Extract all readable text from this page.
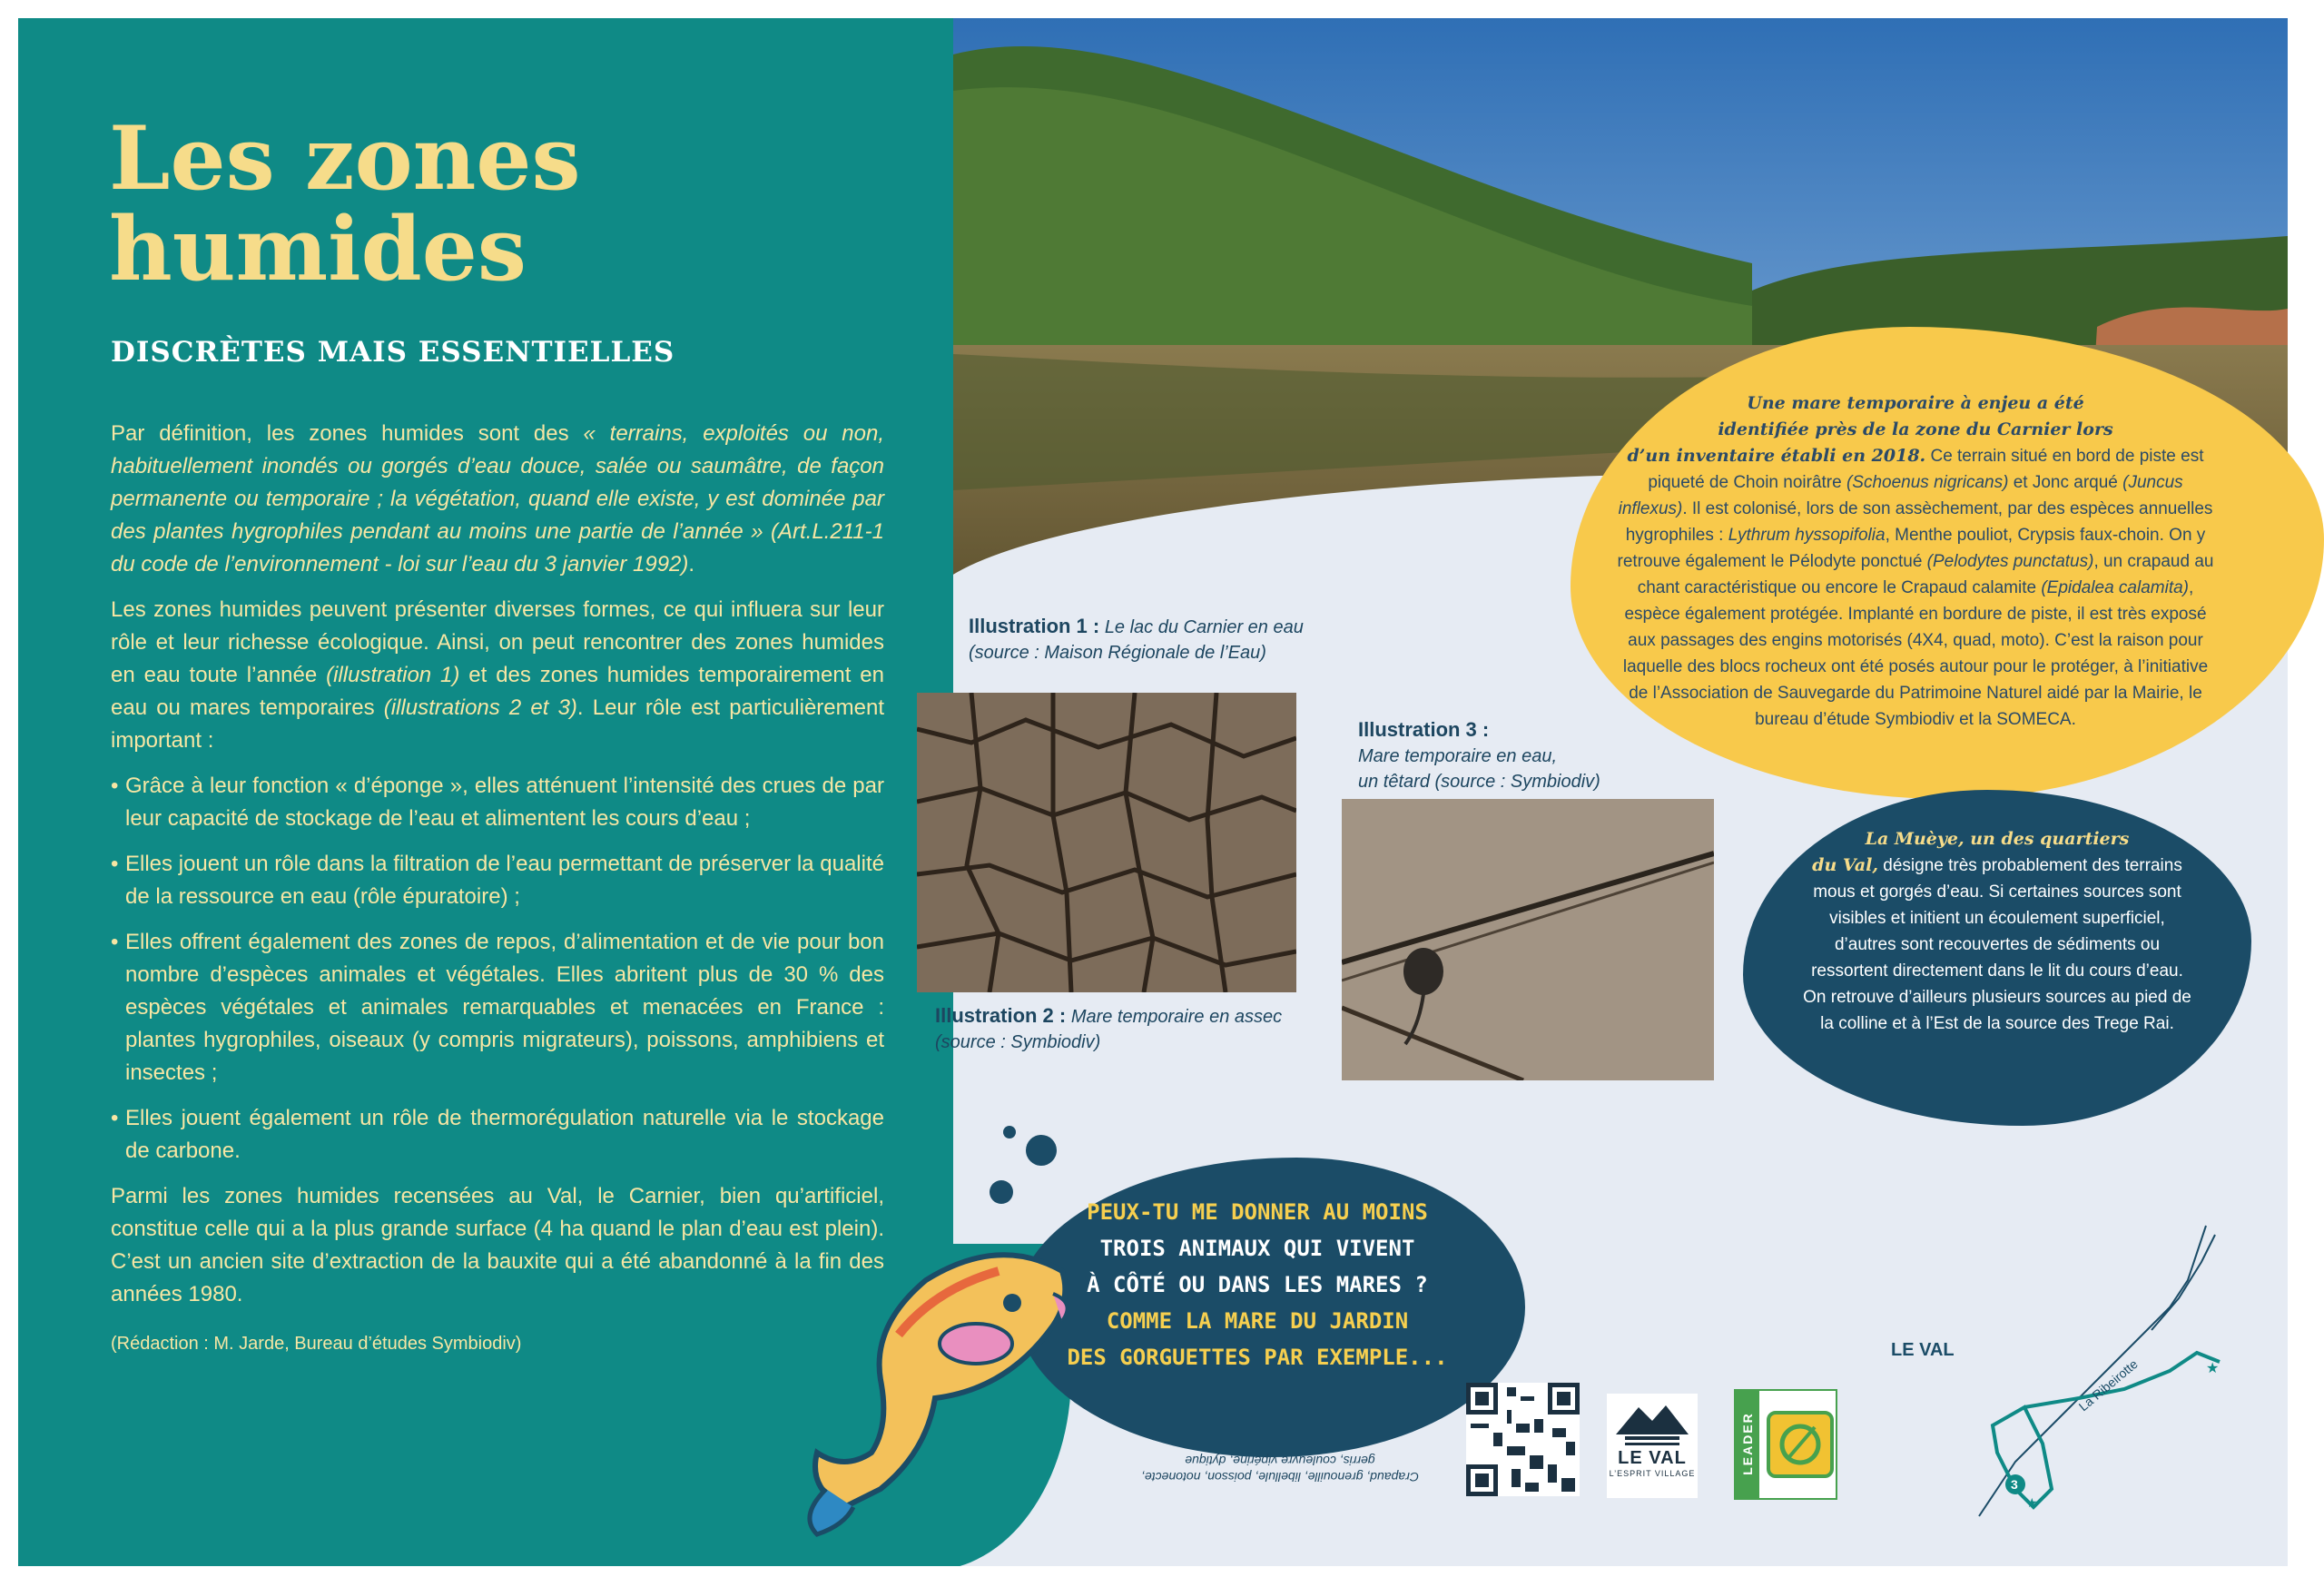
Les zones
humides
DISCRÈTES MAIS ESSENTIELLES

Par définition, les zones humides sont des « terrains, exploités ou non, habituellement inondés ou gorgés d’eau douce, salée ou saumâtre, de façon permanente ou temporaire ; la végétation, quand elle existe, y est dominée par des plantes hygrophiles pendant au moins une partie de l’année » (Art.L.211-1 du code de l’environnement - loi sur l’eau du 3 janvier 1992).

Les zones humides peuvent présenter diverses formes, ce qui influera sur leur rôle et leur richesse écologique. Ainsi, on peut rencontrer des zones humides en eau toute l’année (illustration 1) et des zones humides temporairement en eau ou mares temporaires (illustrations 2 et 3). Leur rôle est particulièrement important :

• Grâce à leur fonction « d’éponge », elles atténuent l’intensité des crues de par leur capacité de stockage de l’eau et alimentent les cours d’eau ;
• Elles jouent un rôle dans la filtration de l’eau permettant de préserver la qualité de la ressource en eau (rôle épuratoire) ;
• Elles offrent également des zones de repos, d’alimentation et de vie pour bon nombre d’espèces animales et végétales. Elles abritent plus de 30 % des espèces végétales et animales remarquables et menacées en France : plantes hygrophiles, oiseaux (y compris migrateurs), poissons, amphibiens et insectes ;
• Elles jouent également un rôle de thermorégulation naturelle via le stockage de carbone.

Parmi les zones humides recensées au Val, le Carnier, bien qu’artificiel, constitue celle qui a la plus grande surface (4 ha quand le plan d’eau est plein). C’est un ancien site d’extraction de la bauxite qui a été abandonné à la fin des années 1980.

(Rédaction : M. Jarde, Bureau d’études Symbiodiv)

Illustration 1 : Le lac du Carnier en eau
(source : Maison Régionale de l’Eau)
Illustration 2 : Mare temporaire en assec
(source : Symbiodiv)
Illustration 3 :
Mare temporaire en eau,
un têtard (source : Symbiodiv)
Une mare temporaire à enjeu a été
identifiée près de la zone du Carnier lors
d’un inventaire établi en 2018. Ce terrain situé en bord de piste est piqueté de Choin noirâtre (Schoenus nigricans) et Jonc arqué (Juncus inflexus). Il est colonisé, lors de son assèchement, par des espèces annuelles hygrophiles : Lythrum hyssopifolia, Menthe pouliot, Crypsis faux-choin. On y retrouve également le Pélodyte ponctué (Pelodytes punctatus), un crapaud au chant caractéristique ou encore le Crapaud calamite (Epidalea calamita), espèce également protégée. Implanté en bordure de piste, il est très exposé aux passages des engins motorisés (4X4, quad, moto). C’est la raison pour laquelle des blocs rocheux ont été posés autour pour le protéger, à l’initiative de l’Association de Sauvegarde du Patrimoine Naturel aidé par la Mairie, le bureau d’étude Symbiodiv et la SOMECA.
La Muèye, un des quartiers
du Val, désigne très probablement des terrains mous et gorgés d’eau. Si certaines sources sont visibles et initient un écoulement superficiel, d’autres sont recouvertes de sédiments ou ressortent directement dans le lit du cours d’eau. On retrouve d’ailleurs plusieurs sources au pied de la colline et à l’Est de la source des Trege Rai.
PEUX-TU ME DONNER AU MOINS
TROIS ANIMAUX QUI VIVENT
À CÔTÉ OU DANS LES MARES ?
COMME LA MARE DU JARDIN
DES GORGUETTES PAR EXEMPLE...
Crapaud, grenouille, libellule, poisson, notonecte, gerris, couleuvre vipérine, dytique	LE VAL
L’ESPRIT VILLAGE	LEADER
LE VAL
La Ribeirotte
3
★
★
